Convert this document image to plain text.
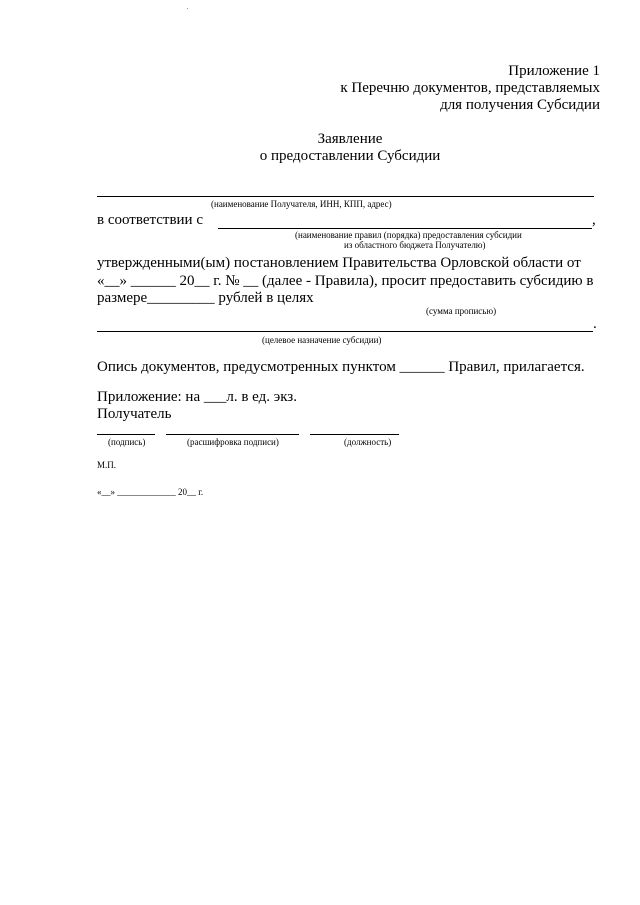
Приложение 1
к Перечню документов, представляемых
для получения Субсидии
Заявление
о предоставлении Субсидии
(наименование Получателя, ИНН, КПП, адрес)
в соответствии с	,
(наименование правил (порядка) предоставления субсидии
из областного бюджета Получателю)
утвержденными(ым) постановлением Правительства Орловской области от
«__» ______ 20__ г. № __ (далее - Правила), просит предоставить субсидию в
размере_________ рублей в целях
(сумма прописью)
.
(целевое назначение субсидии)
Опись документов, предусмотренных пунктом ______ Правил, прилагается.
Приложение: на ___л. в ед. экз.
Получатель
(подпись)	(расшифровка подписи)	(должность)
М.П.
«__» _____________ 20__ г.
